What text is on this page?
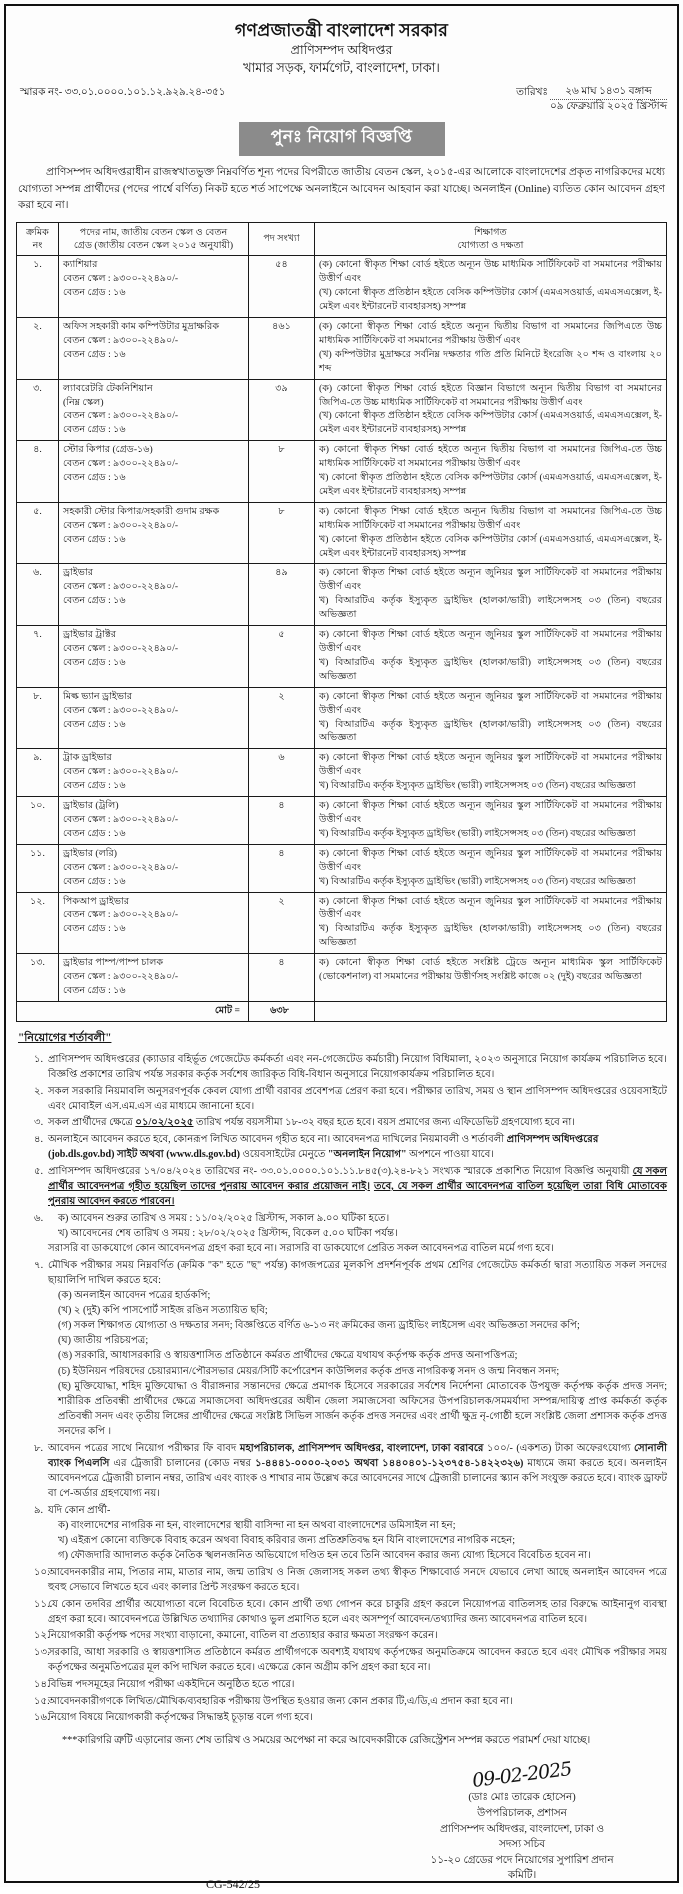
গণপ্রজাতন্ত্রী বাংলাদেশ সরকার
প্রাণিসম্পদ অধিদপ্তর
খামার সড়ক, ফার্মগেট, বাংলাদেশ, ঢাকা।
স্মারক নং- ৩৩.০১.০০০০.১০১.১২.৯২৯.২৪-৩৫১	তারিখঃ	২৬ মাঘ ১৪৩১ বঙ্গাব্দ
০৯ ফেব্রুয়ারি ২০২৫ খ্রিস্টাব্দ
পুনঃ নিয়োগ বিজ্ঞপ্তি
প্রাণিসম্পদ অধিদপ্তরাধীন রাজস্বখাতভুক্ত নিম্নবর্ণিত শূন্য পদের বিপরীতে জাতীয় বেতন স্কেল, ২০১৫-এর আলোকে বাংলাদেশের প্রকৃত নাগরিকদের মধ্যে যোগ্যতা সম্পন্ন প্রার্থীদের (পদের পার্শ্বে বর্ণিত) নিকট হতে শর্ত সাপেক্ষে অনলাইনে আবেদন আহবান করা যাচ্ছে। অনলাইন (Online) ব্যতিত কোন আবেদন গ্রহণ করা হবে না।
ক্রমিক
নং	পদের নাম, জাতীয় বেতন স্কেল ও বেতন
গ্রেড (জাতীয় বেতন স্কেল ২০১৫ অনুযায়ী)	পদ সংখ্যা	শিক্ষাগত
যোগ্যতা ও দক্ষতা
১.	ক্যাশিয়ার
বেতন স্কেল : ৯৩০০-২২৪৯০/-
বেতন গ্রেড : ১৬
	৫৪	(ক) কোনো স্বীকৃত শিক্ষা বোর্ড হইতে অন্যূন উচ্চ মাধ্যমিক সার্টিফিকেট বা সমমানের পরীক্ষায় উত্তীর্ণ এবং

(খ) কোনো স্বীকৃত প্রতিষ্ঠান হইতে বেসিক কম্পিউটার কোর্স (এমএসওয়ার্ড, এমএসএক্সেল, ই-মেইল এবং ইন্টারনেট ব্যবহারসহ) সম্পন্ন

২.	অফিস সহকারী কাম কম্পিউটার মুদ্রাক্ষরিক
বেতন স্কেল : ৯৩০০-২২৪৯০/-
বেতন গ্রেড : ১৬
	৪৬১	(ক) কোনো স্বীকৃত শিক্ষা বোর্ড হইতে অন্যূন দ্বিতীয় বিভাগ বা সমমানের জিপিএতে উচ্চ মাধ্যমিক সার্টিফিকেট বা সমমানের পরীক্ষায় উত্তীর্ণ এবং

(খ) কম্পিউটার মুদ্রাক্ষরে সর্বনিম্ন দক্ষতার গতি প্রতি মিনিটে ইংরেজি ২০ শব্দ ও বাংলায় ২০ শব্দ

৩.	ল্যাবরেটরি টেকনিশিয়ান
(নিম্ন স্কেল)
বেতন স্কেল : ৯৩০০-২২৪৯০/-
বেতন গ্রেড : ১৬
	৩৯	(ক) কোনো স্বীকৃত শিক্ষা বোর্ড হইতে বিজ্ঞান বিভাগে অন্যূন দ্বিতীয় বিভাগ বা সমমানের জিপিএ-তে উচ্চ মাধ্যমিক সার্টিফিকেট বা সমমানের পরীক্ষায় উত্তীর্ণ এবং

(খ) কোনো স্বীকৃত প্রতিষ্ঠান হইতে বেসিক কম্পিউটার কোর্স (এমএসওয়ার্ড, এমএসএক্সেল, ই-মেইল এবং ইন্টারনেট ব্যবহারসহ) সম্পন্ন

৪.	স্টোর কিপার (গ্রেড-১৬)
বেতন স্কেল : ৯৩০০-২২৪৯০/-
বেতন গ্রেড : ১৬
	৮	ক) কোনো স্বীকৃত শিক্ষা বোর্ড হইতে অন্যূন দ্বিতীয় বিভাগ বা সমমানের জিপিএ-তে উচ্চ মাধ্যমিক সার্টিফিকেট বা সমমানের পরীক্ষায় উত্তীর্ণ এবং

খ) কোনো স্বীকৃত প্রতিষ্ঠান হইতে বেসিক কম্পিউটার কোর্স (এমএসওয়ার্ড, এমএসএক্সেল, ই-মেইল এবং ইন্টারনেট ব্যবহারসহ) সম্পন্ন

৫.	সহকারী স্টোর কিপার/সহকারী গুদাম রক্ষক
বেতন স্কেল : ৯৩০০-২২৪৯০/-
বেতন গ্রেড : ১৬
	৮	ক) কোনো স্বীকৃত শিক্ষা বোর্ড হইতে অন্যূন দ্বিতীয় বিভাগ বা সমমানের জিপিএ-তে উচ্চ মাধ্যমিক সার্টিফিকেট বা সমমানের পরীক্ষায় উত্তীর্ণ এবং

খ) কোনো স্বীকৃত প্রতিষ্ঠান হইতে বেসিক কম্পিউটার কোর্স (এমএসওয়ার্ড, এমএসএক্সেল, ই-মেইল এবং ইন্টারনেট ব্যবহারসহ) সম্পন্ন

৬.	ড্রাইভার
বেতন স্কেল : ৯৩০০-২২৪৯০/-
বেতন গ্রেড : ১৬
	৪৯	ক) কোনো স্বীকৃত শিক্ষা বোর্ড হইতে অন্যূন জুনিয়র স্কুল সার্টিফিকেট বা সমমানের পরীক্ষায় উত্তীর্ণ এবং

খ) বিআরটিএ কর্তৃক ইস্যুকৃত ড্রাইভিং (হালকা/ভারী) লাইসেন্সসহ ০৩ (তিন) বছরের অভিজ্ঞতা

৭.	ড্রাইভার ট্রাক্টর
বেতন স্কেল : ৯৩০০-২২৪৯০/-
বেতন গ্রেড : ১৬
	৫	ক) কোনো স্বীকৃত শিক্ষা বোর্ড হইতে অন্যূন জুনিয়র স্কুল সার্টিফিকেট বা সমমানের পরীক্ষায় উত্তীর্ণ এবং

খ) বিআরটিএ কর্তৃক ইস্যুকৃত ড্রাইভিং (হালকা/ভারী) লাইসেন্সসহ ০৩ (তিন) বছরের অভিজ্ঞতা

৮.	মিল্ক ভ্যান ড্রাইভার
বেতন স্কেল : ৯৩০০-২২৪৯০/-
বেতন গ্রেড : ১৬
	২	ক) কোনো স্বীকৃত শিক্ষা বোর্ড হইতে অন্যূন জুনিয়র স্কুল সার্টিফিকেট বা সমমানের পরীক্ষায় উত্তীর্ণ এবং

খ) বিআরটিএ কর্তৃক ইস্যুকৃত ড্রাইভিং (হালকা/ভারী) লাইসেন্সসহ ০৩ (তিন) বছরের অভিজ্ঞতা

৯.	ট্রাক ড্রাইভার
বেতন স্কেল : ৯৩০০-২২৪৯০/-
বেতন গ্রেড : ১৬
	৬	ক) কোনো স্বীকৃত শিক্ষা বোর্ড হইতে অন্যূন জুনিয়র স্কুল সার্টিফিকেট বা সমমানের পরীক্ষায় উত্তীর্ণ এবং

খ) বিআরটিএ কর্তৃক ইস্যুকৃত ড্রাইভিং (ভারী) লাইসেন্সসহ ০৩ (তিন) বছরের অভিজ্ঞতা

১০.	ড্রাইভার (ট্রলি)
বেতন স্কেল : ৯৩০০-২২৪৯০/-
বেতন গ্রেড : ১৬
	৪	ক) কোনো স্বীকৃত শিক্ষা বোর্ড হইতে অন্যূন জুনিয়র স্কুল সার্টিফিকেট বা সমমানের পরীক্ষায় উত্তীর্ণ এবং

খ) বিআরটিএ কর্তৃক ইস্যুকৃত ড্রাইভিং (ভারী) লাইসেন্সসহ ০৩ (তিন) বছরের অভিজ্ঞতা

১১.	ড্রাইভার (লরি)
বেতন স্কেল : ৯৩০০-২২৪৯০/-
বেতন গ্রেড : ১৬
	৪	ক) কোনো স্বীকৃত শিক্ষা বোর্ড হইতে অন্যূন জুনিয়র স্কুল সার্টিফিকেট বা সমমানের পরীক্ষায় উত্তীর্ণ এবং

খ) বিআরটিএ কর্তৃক ইস্যুকৃত ড্রাইভিং (ভারী) লাইসেন্সসহ ০৩ (তিন) বছরের অভিজ্ঞতা

১২.	পিকআপ ড্রাইভার
বেতন স্কেল : ৯৩০০-২২৪৯০/-
বেতন গ্রেড : ১৬
	২	ক) কোনো স্বীকৃত শিক্ষা বোর্ড হইতে অন্যূন জুনিয়র স্কুল সার্টিফিকেট বা সমমানের পরীক্ষায় উত্তীর্ণ এবং

খ) বিআরটিএ কর্তৃক ইস্যুকৃত ড্রাইভিং (হালকা/ভারী) লাইসেন্সসহ ০৩ (তিন) বছরের অভিজ্ঞতা

১৩.	ড্রাইভার পাম্প/পাম্প চালক
বেতন স্কেল : ৯৩০০-২২৪৯০/-
বেতন গ্রেড : ১৬	৪	ক) কোনো স্বীকৃত শিক্ষা বোর্ড হইতে সংশ্লিষ্ট ট্রেডে অন্যূন মাধ্যমিক স্কুল সার্টিফিকেট (ভোকেশনাল) বা সমমানের পরীক্ষায় উত্তীর্ণসহ সংশ্লিষ্ট কাজে ০২ (দুই) বছরের অভিজ্ঞতা

মোট =		৬৩৮	
"নিয়োগের শর্তাবলী"
১. প্রাণিসম্পদ অধিদপ্তরের (ক্যাডার বহির্ভূত গেজেটেড কর্মকর্তা এবং নন-গেজেটেড কর্মচারী) নিয়োগ বিধিমালা, ২০২৩ অনুসারে নিয়োগ কার্যক্রম পরিচালিত হবে। বিজ্ঞপ্তি প্রকাশের তারিখ পর্যন্ত সরকার কর্তৃক সর্বশেষ জারিকৃত বিধি-বিধান অনুসারে নিয়োগকার্যক্রম পরিচালিত হবে।
২. সকল সরকারি নিয়মাবলি অনুসরণপূর্বক কেবল যোগ্য প্রার্থী বরাবর প্রবেশপত্র প্রেরণ করা হবে। পরীক্ষার তারিখ, সময় ও স্থান প্রাণিসম্পদ অধিদপ্তরের ওয়েবসাইটে এবং মোবাইল এস.এম.এস এর মাধ্যমে জানানো হবে।
৩. সকল প্রার্থীদের ক্ষেত্রে ০১/০২/২০২৫ তারিখ পর্যন্ত বয়সসীমা ১৮-৩২ বছর হতে হবে। বয়স প্রমাণের জন্য এফিডেভিট গ্রহণযোগ্য হবে না।
৪. অনলাইনে আবেদন করতে হবে, কোনরূপ লিখিত আবেদন গৃহীত হবে না। আবেদনপত্র দাখিলের নিয়মাবলী ও শর্তাবলী প্রাণিসম্পদ অধিদপ্তরের
(job.dls.gov.bd) সাইট অথবা (www.dls.gov.bd) ওয়েবসাইটের মেনুতে "অনলাইন নিয়োগ" অপশনে পাওয়া যাবে।
৫. প্রাণিসম্পদ অধিদপ্তরের ১৭/০৪/২০২৪ তারিখের নং- ৩৩.০১.০০০০.১০১.১১.৮৪৫(৩).২৪-৮২১ সংখ্যক স্মারকে প্রকাশিত নিয়োগ বিজ্ঞপ্তি অনুযায়ী যে সকল প্রার্থীর আবেদনপত্র গৃহীত হয়েছিল তাদের পুনরায় আবেদন করার প্রয়োজন নাই। তবে, যে সকল প্রার্থীর আবেদনপত্র বাতিল হয়েছিল তারা বিধি মোতাবেক পুনরায় আবেদন করতে পারবেন।
৬.	ক) আবেদন শুরুর তারিখ ও সময় : ১১/০২/২০২৫ খ্রিস্টাব্দ, সকাল ৯.০০ ঘটিকা হতে।
খ) আবেদনের শেষ তারিখ ও সময় : ২৮/০২/২০২৫ খ্রিস্টাব্দ, বিকেল ৫.০০ ঘটিকা পর্যন্ত।
সরাসরি বা ডাকযোগে কোন আবেদনপত্র গ্রহণ করা হবে না। সরাসরি বা ডাকযোগে প্রেরিত সকল আবেদনপত্র বাতিল মর্মে গণ্য হবে।
৭. মৌখিক পরীক্ষার সময় নিম্নবর্ণিত (ক্রমিক "ক" হতে "ছ" পর্যন্ত) কাগজপত্রের মূলকপি প্রদর্শনপূর্বক প্রথম শ্রেণির গেজেটেড কর্মকর্তা দ্বারা সত্যায়িত সকল সনদের ছায়ালিপি দাখিল করতে হবে:
(ক) অনলাইন আবেদন পত্রের হার্ডকপি;
(খ) ২ (দুই) কপি পাসপোর্ট সাইজ রঙিন সত্যায়িত ছবি;
(গ) সকল শিক্ষাগত যোগ্যতা ও দক্ষতার সনদ; বিজ্ঞপ্তিতে বর্ণিত ৬-১৩ নং ক্রমিকের জন্য ড্রাইভিং লাইসেন্স এবং অভিজ্ঞতা সনদের কপি;
(ঘ) জাতীয় পরিচয়পত্র;
(ঙ) সরকারি, আধাসরকারি ও স্বায়ত্তশাসিত প্রতিষ্ঠানে কর্মরত প্রার্থীদের ক্ষেত্রে যথাযথ কর্তৃপক্ষ কর্তৃক প্রদত্ত অনাপত্তিপত্র;
(চ) ইউনিয়ন পরিষদের চেয়ারম্যান/পৌরসভার মেয়র/সিটি কর্পোরেশন কাউন্সিলর কর্তৃক প্রদত্ত নাগরিকত্ব সনদ ও জন্ম নিবন্ধন সনদ;
(ছ) মুক্তিযোদ্ধা, শহিদ মুক্তিযোদ্ধা ও বীরাঙ্গনার সন্তানদের ক্ষেত্রে প্রমাণক হিসেবে সরকারের সর্বশেষ নির্দেশনা মোতাবেক উপযুক্ত কর্তৃপক্ষ কর্তৃক প্রদত্ত সনদ; শারীরিক প্রতিবন্ধী প্রার্থীদের ক্ষেত্রে সমাজসেবা অধিদপ্তরের অধীন জেলা সমাজসেবা অফিসের উপপরিচালক/সমমর্যাদা সম্পন্ন/দায়িত্ব প্রাপ্ত কর্মকর্তা কর্তৃক প্রতিবন্ধী সনদ এবং তৃতীয় লিঙ্গের প্রার্থীদের ক্ষেত্রে সংশ্লিষ্ট সিভিল সার্জন কর্তৃক প্রদত্ত সনদের এবং প্রার্থী ক্ষুদ্র নৃ-গোষ্ঠী হলে সংশ্লিষ্ট জেলা প্রশাসক কর্তৃক প্রদত্ত সনদের কপি ।
৮. আবেদন পত্রের সাথে নিয়োগ পরীক্ষার ফি বাবদ মহাপরিচালক, প্রাণিসম্পদ অধিদপ্তর, বাংলাদেশ, ঢাকা বরাবরে ১০০/- (একশত) টাকা অফেরৎযোগ্য সোনালী ব্যাংক পিএলসি এর ট্রেজারী চালানের (কোড নম্বর ১-৪৪৪১-০০০০-২০৩১ অথবা ১৪৪০৪০১-১২৩৭৫৪-১৪২২৩২৬) মাধ্যমে জমা করতে হবে। অনলাইন আবেদনপত্রে ট্রেজারী চালান নম্বর, তারিখ এবং ব্যাংক ও শাখার নাম উল্লেখ করে আবেদনের সাথে ট্রেজারী চালানের স্ক্যান কপি সংযুক্ত করতে হবে। ব্যাংক ড্রাফট বা পে-অর্ডার গ্রহণযোগ্য নয়।
৯. যদি কোন প্রার্থী-
ক) বাংলাদেশের নাগরিক না হন, বাংলাদেশের স্থায়ী বাসিন্দা না হন অথবা বাংলাদেশের ডমিসাইল না হন;
খ) এইরূপ কোনো ব্যক্তিকে বিবাহ করেন অথবা বিবাহ করিবার জন্য প্রতিশ্রুতিবদ্ধ হন যিনি বাংলাদেশের নাগরিক নহেন;
গ) ফৌজদারি আদালত কর্তৃক নৈতিক স্খলনজনিত অভিযোগে দণ্ডিত হন তবে তিনি আবেদন করার জন্য যোগ্য হিসেবে বিবেচিত হবেন না।
১০.
আবেদনকারীর নাম, পিতার নাম, মাতার নাম, জন্ম তারিখ ও নিজ জেলাসহ সকল তথ্য স্বীকৃত শিক্ষাবোর্ড সনদে যেভাবে লেখা আছে অনলাইন আবেদন পত্রে হুবহু সেভাবে লিখতে হবে এবং কালার প্রিন্ট সংরক্ষণ করতে হবে।
১১.
যে কোন তদবির প্রার্থীর অযোগ্যতা বলে বিবেচিত হবে। কোন প্রার্থী তথ্য গোপন করে চাকুরি গ্রহণ করলে নিয়োগপত্র বাতিলসহ তার বিরুদ্ধে আইনানুগ ব্যবস্থা গ্রহণ করা হবে। আবেদনপত্রে উল্লিখিত তথ্যাদির কোথাও ভুল প্রমাণিত হলে এবং অসম্পূর্ণ আবেদন/তথ্যাদির জন্য আবেদনপত্র বাতিল হবে।
১২.
নিয়োগকারী কর্তৃপক্ষ পদের সংখ্যা বাড়ানো, কমানো, বাতিল বা প্রত্যাহার করার ক্ষমতা সংরক্ষণ করেন।
১৩.
সরকারি, আধা সরকারি ও স্বায়ত্তশাসিত প্রতিষ্ঠানে কর্মরত প্রার্থীগণকে অবশ্যই যথাযথ কর্তৃপক্ষের অনুমতিক্রমে আবেদন করতে হবে এবং মৌখিক পরীক্ষার সময় কর্তৃপক্ষের অনুমতিপত্রের মূল কপি দাখিল করতে হবে। এক্ষেত্রে কোন অগ্রীম কপি গ্রহণ করা হবে না।
১৪.
বিভিন্ন পদসমূহের নিয়োগ পরীক্ষা একইদিনে অনুষ্ঠিত হতে পারে।
১৫.
আবেদনকারীগণকে লিখিত/মৌখিক/ব্যবহারিক পরীক্ষায় উপস্থিত হওয়ার জন্য কোন প্রকার টি,এ/ডি,এ প্রদান করা হবে না।
১৬.
নিয়োগ বিষয়ে নিয়োগকারী কর্তৃপক্ষের সিদ্ধান্তই চূড়ান্ত বলে গণ্য হবে।
***কারিগরি ত্রুটি এড়ানোর জন্য শেষ তারিখ ও সময়ের অপেক্ষা না করে আবেদকারীকে রেজিস্ট্রেশন সম্পন্ন করতে পরামর্শ দেয়া যাচ্ছে।
09-02-2025
(ডাঃ মোঃ তারেক হোসেন)
উপপরিচালক, প্রশাসন
প্রাণিসম্পদ অধিদপ্তর, বাংলাদেশ, ঢাকা ও
সদস্য সচিব
১১-২০ গ্রেডের পদে নিয়োগের সুপারিশ প্রদান কমিটি।
CG-542/25
